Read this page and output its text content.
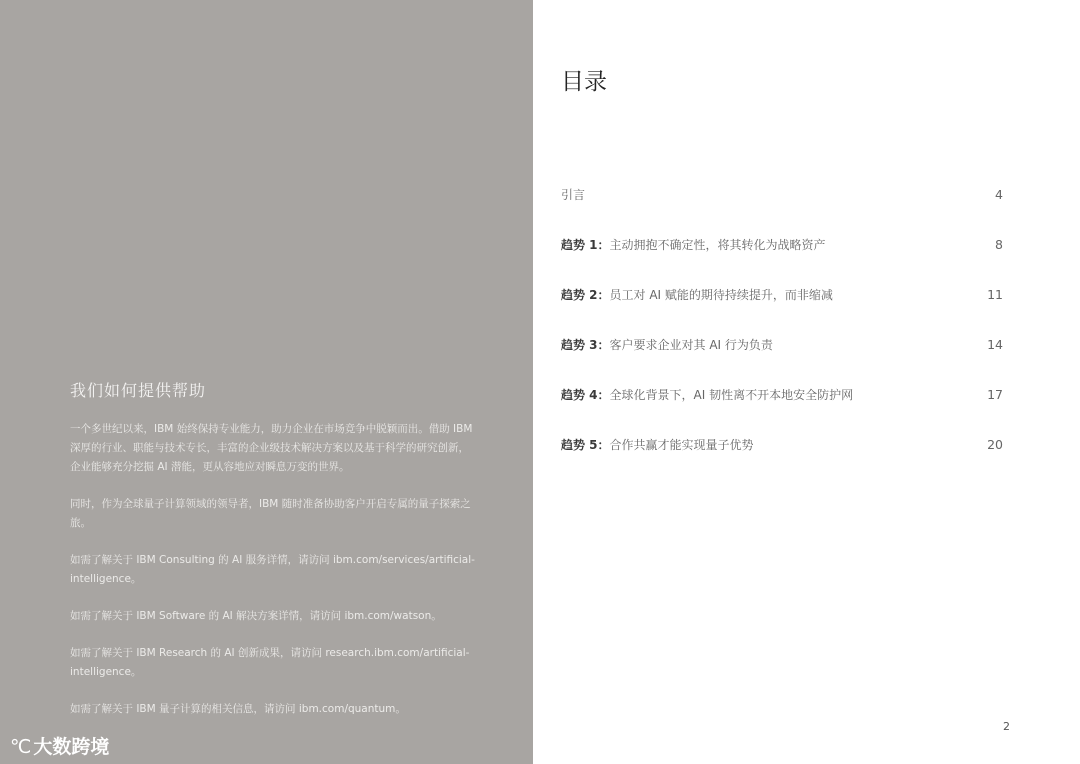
我们如何提供帮助

一个多世纪以来，IBM 始终保持专业能力，助力企业在市场竞争中脱颖而出。借助 IBM 深厚的行业、职能与技术专长，丰富的企业级技术解决方案以及基于科学的研究创新，企业能够充分挖掘 AI 潜能，更从容地应对瞬息万变的世界。

同时，作为全球量子计算领域的领导者，IBM 随时准备协助客户开启专属的量子探索之旅。

如需了解关于 IBM Consulting 的 AI 服务详情，请访问 ibm.com/services/artificial-intelligence。

如需了解关于 IBM Software 的 AI 解决方案详情，请访问 ibm.com/watson。

如需了解关于 IBM Research 的 AI 创新成果，请访问 research.ibm.com/artificial-intelligence。

如需了解关于 IBM 量子计算的相关信息，请访问 ibm.com/quantum。

℃ 大数跨境
目录
引言	4
趋势 1：主动拥抱不确定性，将其转化为战略资产	8
趋势 2：员工对 AI 赋能的期待持续提升，而非缩减	11
趋势 3：客户要求企业对其 AI 行为负责	14
趋势 4：全球化背景下，AI 韧性离不开本地安全防护网	17
趋势 5：合作共赢才能实现量子优势	20
2
